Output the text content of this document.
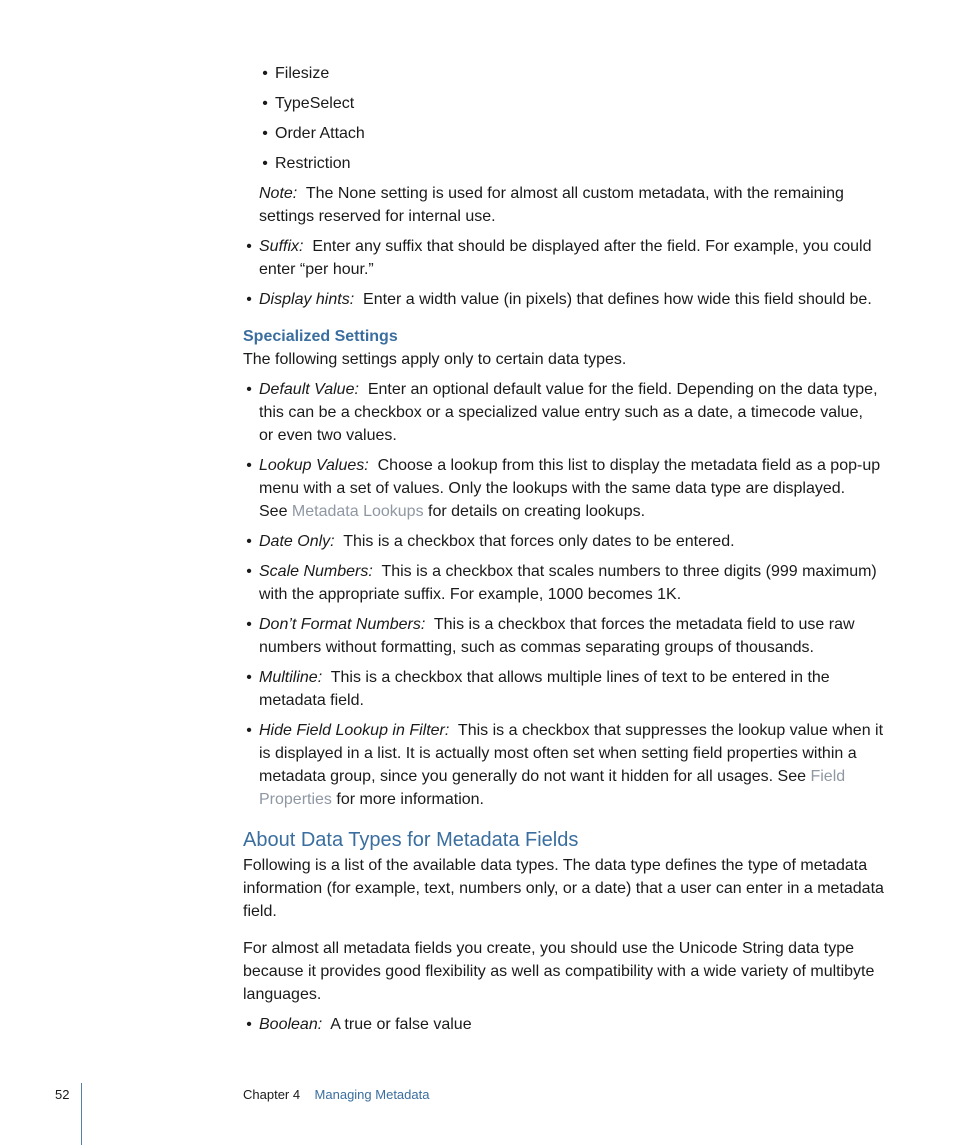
• Filesize
• TypeSelect
• Order Attach
• Restriction
Note: The None setting is used for almost all custom metadata, with the remaining
settings reserved for internal use.
• Suffix: Enter any suffix that should be displayed after the field. For example, you could
enter “per hour.”
• Display hints: Enter a width value (in pixels) that defines how wide this field should be.
Specialized Settings
The following settings apply only to certain data types.
• Default Value: Enter an optional default value for the field. Depending on the data type,
this can be a checkbox or a specialized value entry such as a date, a timecode value,
or even two values.
• Lookup Values: Choose a lookup from this list to display the metadata field as a pop-up
menu with a set of values. Only the lookups with the same data type are displayed.
See Metadata Lookups for details on creating lookups.
• Date Only: This is a checkbox that forces only dates to be entered.
• Scale Numbers: This is a checkbox that scales numbers to three digits (999 maximum)
with the appropriate suffix. For example, 1000 becomes 1K.
• Don’t Format Numbers: This is a checkbox that forces the metadata field to use raw
numbers without formatting, such as commas separating groups of thousands.
• Multiline: This is a checkbox that allows multiple lines of text to be entered in the
metadata field.
• Hide Field Lookup in Filter: This is a checkbox that suppresses the lookup value when it
is displayed in a list. It is actually most often set when setting field properties within a
metadata group, since you generally do not want it hidden for all usages. See Field
Properties for more information.
About Data Types for Metadata Fields
Following is a list of the available data types. The data type defines the type of metadata
information (for example, text, numbers only, or a date) that a user can enter in a metadata
field.
For almost all metadata fields you create, you should use the Unicode String data type
because it provides good flexibility as well as compatibility with a wide variety of multibyte
languages.
• Boolean: A true or false value
52	Chapter 4 Managing Metadata
